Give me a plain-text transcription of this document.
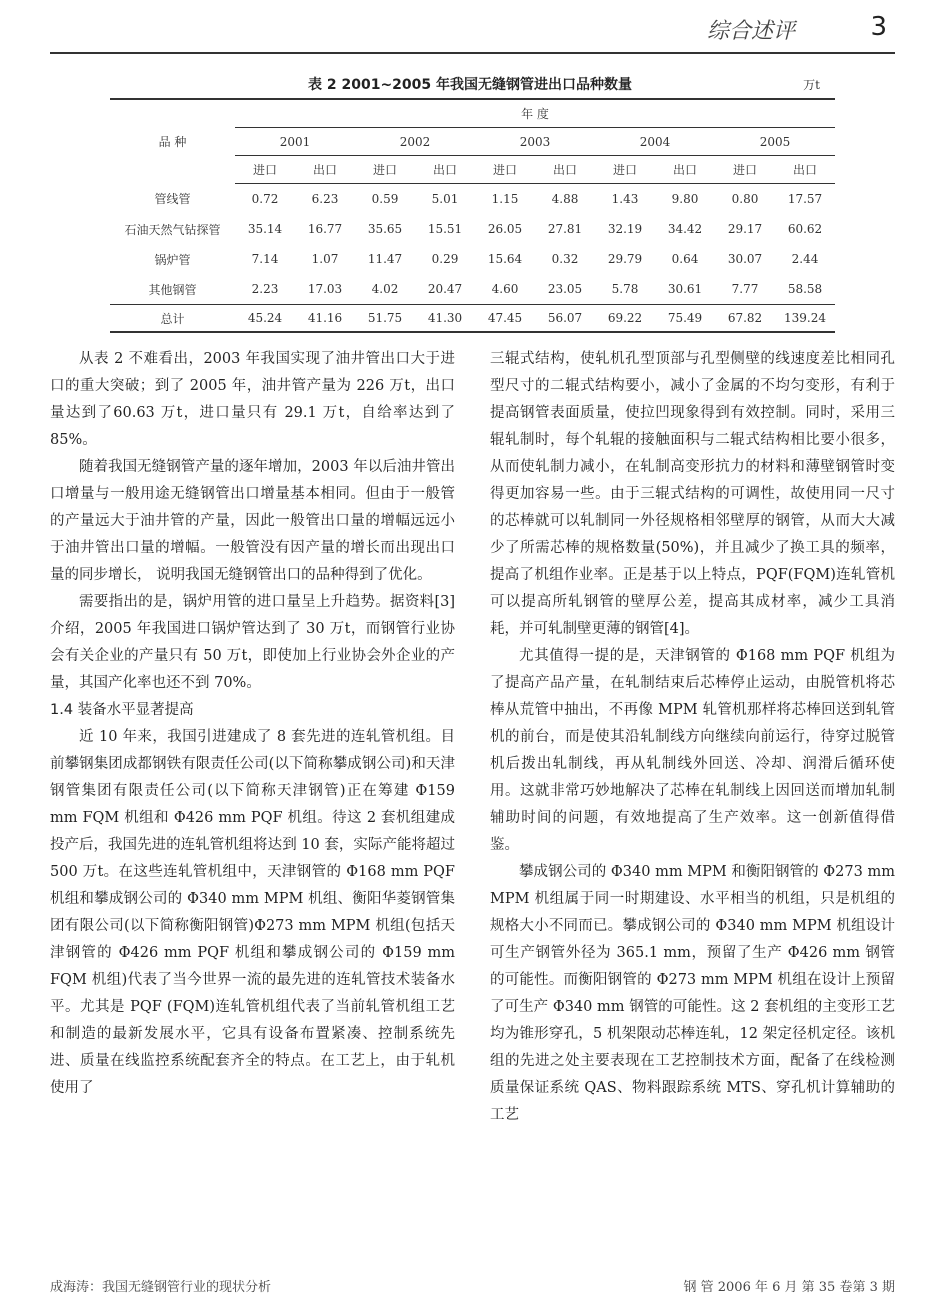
综合述评	3
表 2 2001~2005 年我国无缝钢管进出口品种数量	万t
品 种	年 度									
	2001		2002		2003		2004		2005	
	进口	出口	进口	出口	进口	出口	进口	出口	进口	出口
管线管	0.72	6.23	0.59	5.01	1.15	4.88	1.43	9.80	0.80	17.57
石油天然气钻探管	35.14	16.77	35.65	15.51	26.05	27.81	32.19	34.42	29.17	60.62
锅炉管	7.14	1.07	11.47	0.29	15.64	0.32	29.79	0.64	30.07	2.44
其他钢管	2.23	17.03	4.02	20.47	4.60	23.05	5.78	30.61	7.77	58.58
总计	45.24	41.16	51.75	41.30	47.45	56.07	69.22	75.49	67.82	139.24

从表 2 不难看出，2003 年我国实现了油井管出口大于进口的重大突破；到了 2005 年，油井管产量为 226 万t，出口量达到了60.63 万t，进口量只有 29.1 万t，自给率达到了 85%。

随着我国无缝钢管产量的逐年增加，2003 年以后油井管出口增量与一般用途无缝钢管出口增量基本相同。但由于一般管的产量远大于油井管的产量，因此一般管出口量的增幅远远小于油井管出口量的增幅。一般管没有因产量的增长而出现出口量的同步增长， 说明我国无缝钢管出口的品种得到了优化。

需要指出的是，锅炉用管的进口量呈上升趋势。据资料[3]介绍，2005 年我国进口锅炉管达到了 30 万t，而钢管行业协会有关企业的产量只有 50 万t，即使加上行业协会外企业的产量，其国产化率也还不到 70%。

1.4 装备水平显著提高

近 10 年来，我国引进建成了 8 套先进的连轧管机组。目前攀钢集团成都钢铁有限责任公司(以下简称攀成钢公司)和天津钢管集团有限责任公司(以下简称天津钢管)正在筹建 Φ159 mm FQM 机组和 Φ426 mm PQF 机组。待这 2 套机组建成投产后，我国先进的连轧管机组将达到 10 套，实际产能将超过 500 万t。在这些连轧管机组中，天津钢管的 Φ168 mm PQF 机组和攀成钢公司的 Φ340 mm MPM 机组、衡阳华菱钢管集团有限公司(以下简称衡阳钢管)Φ273 mm MPM 机组(包括天津钢管的 Φ426 mm PQF 机组和攀成钢公司的 Φ159 mm FQM 机组)代表了当今世界一流的最先进的连轧管技术装备水平。尤其是 PQF (FQM)连轧管机组代表了当前轧管机组工艺和制造的最新发展水平，它具有设备布置紧凑、控制系统先进、质量在线监控系统配套齐全的特点。在工艺上，由于轧机使用了

三辊式结构，使轧机孔型顶部与孔型侧壁的线速度差比相同孔型尺寸的二辊式结构要小，减小了金属的不均匀变形，有利于提高钢管表面质量，使拉凹现象得到有效控制。同时，采用三辊轧制时，每个轧辊的接触面积与二辊式结构相比要小很多，从而使轧制力减小，在轧制高变形抗力的材料和薄壁钢管时变得更加容易一些。由于三辊式结构的可调性，故使用同一尺寸的芯棒就可以轧制同一外径规格相邻壁厚的钢管，从而大大减少了所需芯棒的规格数量(50%)，并且减少了换工具的频率，提高了机组作业率。正是基于以上特点，PQF(FQM)连轧管机可以提高所轧钢管的壁厚公差，提高其成材率，减少工具消耗，并可轧制壁更薄的钢管[4]。

尤其值得一提的是，天津钢管的 Φ168 mm PQF 机组为了提高产品产量，在轧制结束后芯棒停止运动，由脱管机将芯棒从荒管中抽出，不再像 MPM 轧管机那样将芯棒回送到轧管机的前台，而是使其沿轧制线方向继续向前运行，待穿过脱管机后拨出轧制线，再从轧制线外回送、冷却、润滑后循环使用。这就非常巧妙地解决了芯棒在轧制线上因回送而增加轧制辅助时间的问题，有效地提高了生产效率。这一创新值得借鉴。

攀成钢公司的 Φ340 mm MPM 和衡阳钢管的 Φ273 mm MPM 机组属于同一时期建设、水平相当的机组，只是机组的规格大小不同而已。攀成钢公司的 Φ340 mm MPM 机组设计可生产钢管外径为 365.1 mm，预留了生产 Φ426 mm 钢管的可能性。而衡阳钢管的 Φ273 mm MPM 机组在设计上预留了可生产 Φ340 mm 钢管的可能性。这 2 套机组的主变形工艺均为锥形穿孔，5 机架限动芯棒连轧，12 架定径机定径。该机组的先进之处主要表现在工艺控制技术方面，配备了在线检测质量保证系统 QAS、物料跟踪系统 MTS、穿孔机计算辅助的工艺

成海涛：我国无缝钢管行业的现状分析	钢 管 2006 年 6 月 第 35 卷第 3 期
